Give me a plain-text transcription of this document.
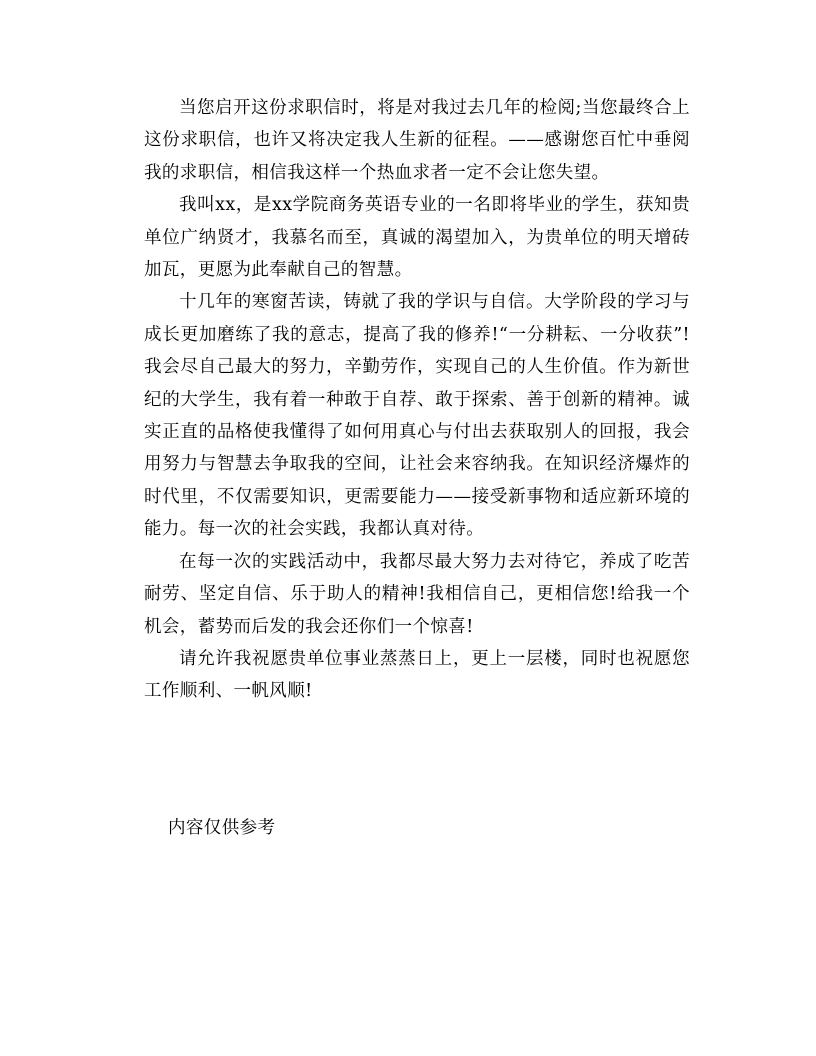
当您启开这份求职信时，将是对我过去几年的检阅;当您最终合上这份求职信，也许又将决定我人生新的征程。——感谢您百忙中垂阅我的求职信，相信我这样一个热血求者一定不会让您失望。

我叫xx，是xx学院商务英语专业的一名即将毕业的学生，获知贵单位广纳贤才，我慕名而至，真诚的渴望加入，为贵单位的明天增砖加瓦，更愿为此奉献自己的智慧。

十几年的寒窗苦读，铸就了我的学识与自信。大学阶段的学习与成长更加磨练了我的意志，提高了我的修养!“一分耕耘、一分收获”!我会尽自己最大的努力，辛勤劳作，实现自己的人生价值。作为新世纪的大学生，我有着一种敢于自荐、敢于探索、善于创新的精神。诚实正直的品格使我懂得了如何用真心与付出去获取别人的回报，我会用努力与智慧去争取我的空间，让社会来容纳我。在知识经济爆炸的时代里，不仅需要知识，更需要能力——接受新事物和适应新环境的能力。每一次的社会实践，我都认真对待。

在每一次的实践活动中，我都尽最大努力去对待它，养成了吃苦耐劳、坚定自信、乐于助人的精神!我相信自己，更相信您!给我一个机会，蓄势而后发的我会还你们一个惊喜!

请允许我祝愿贵单位事业蒸蒸日上，更上一层楼，同时也祝愿您工作顺利、一帆风顺!

内容仅供参考
